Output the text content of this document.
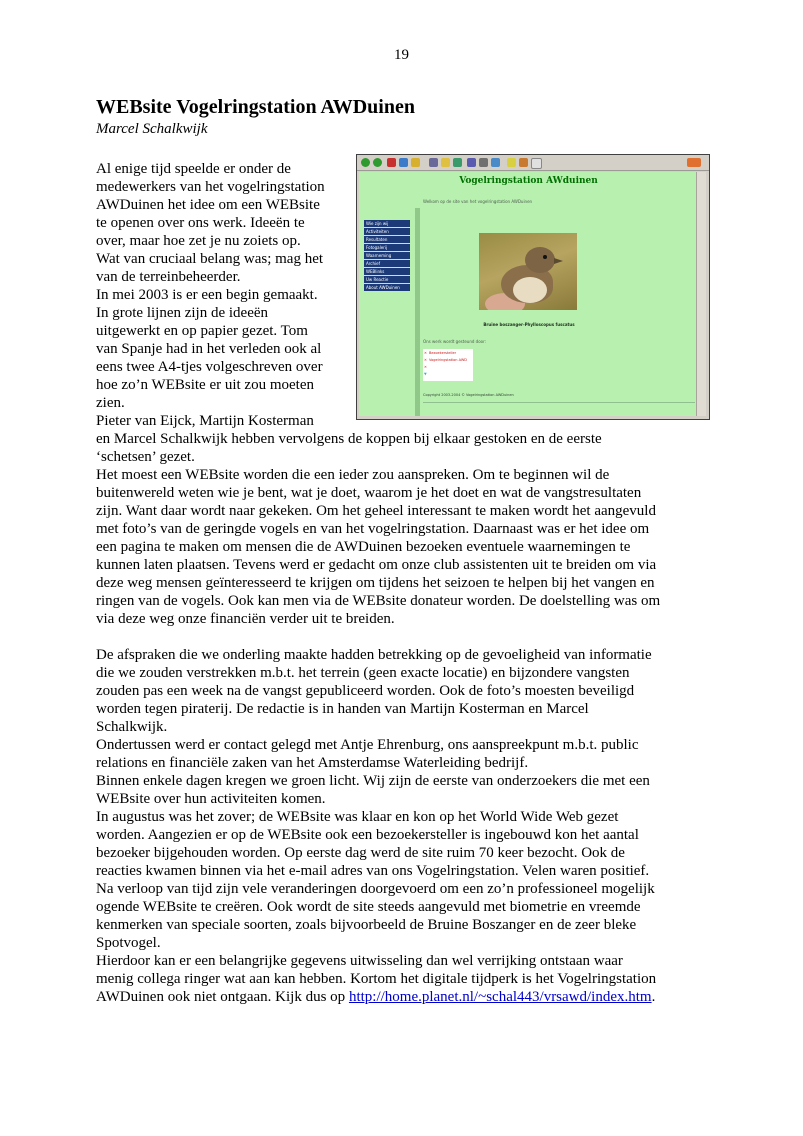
19
WEBsite Vogelringstation AWDuinen
Marcel Schalkwijk
Al enige tijd speelde er onder de
medewerkers van het vogelringstation
AWDuinen het idee om een WEBsite
te openen over ons werk. Ideeën te
over, maar hoe zet je nu zoiets op.
Wat van cruciaal belang was; mag het
van de terreinbeheerder.
In mei 2003 is er een begin gemaakt.
In grote lijnen zijn de ideeën
uitgewerkt en op papier gezet. Tom
van Spanje had in het verleden ook al
eens twee A4-tjes volgeschreven over
hoe zo’n WEBsite er uit zou moeten
zien.
Pieter van Eijck, Martijn Kosterman
en Marcel Schalkwijk hebben vervolgens de koppen bij elkaar gestoken en de eerste
‘schetsen’ gezet.
Het moest een WEBsite worden die een ieder zou aanspreken. Om te beginnen wil de
buitenwereld weten wie je bent, wat je doet, waarom je het doet en wat de vangstresultaten
zijn. Want daar wordt naar gekeken. Om het geheel interessant te maken wordt het aangevuld
met foto’s van de geringde vogels en van het vogelringstation. Daarnaast was er het idee om
een pagina te maken om mensen die de AWDuinen bezoeken eventuele waarnemingen te
kunnen laten plaatsen. Tevens werd er gedacht om onze club assistenten uit te breiden om via
deze weg mensen geïnteresseerd te krijgen om tijdens het seizoen te helpen bij het vangen en
ringen van de vogels. Ook kan men via de WEBsite donateur worden. De doelstelling was om
via deze weg onze financiën verder uit te breiden.
De afspraken die we onderling maakte hadden betrekking op de gevoeligheid van informatie
die we zouden verstrekken m.b.t. het terrein (geen exacte locatie) en bijzondere vangsten
zouden pas een week na de vangst gepubliceerd worden. Ook de foto’s moesten beveiligd
worden tegen piraterij. De redactie is in handen van Martijn Kosterman en Marcel
Schalkwijk.
Ondertussen werd er contact gelegd met Antje Ehrenburg, ons aanspreekpunt m.b.t. public
relations en financiële zaken van het Amsterdamse Waterleiding bedrijf.
Binnen enkele dagen kregen we groen licht. Wij zijn de eerste van onderzoekers die met een
WEBsite over hun activiteiten komen.
In augustus was het zover; de WEBsite was klaar en kon op het World Wide Web gezet
worden. Aangezien er op de WEBsite ook een bezoekersteller is ingebouwd kon het aantal
bezoeker bijgehouden worden. Op eerste dag werd de site ruim 70 keer bezocht. Ook de
reacties kwamen binnen via het e-mail adres van ons Vogelringstation. Velen waren positief.
Na verloop van tijd zijn vele veranderingen doorgevoerd om een zo’n professioneel mogelijk
ogende WEBsite te creëren. Ook wordt de site steeds aangevuld met biometrie en vreemde
kenmerken van speciale soorten, zoals bijvoorbeeld de Bruine Boszanger en de zeer bleke
Spotvogel.
Hierdoor kan er een belangrijke gegevens uitwisseling dan wel verrijking ontstaan waar
menig collega ringer wat aan kan hebben. Kortom het digitale tijdperk is het Vogelringstation
AWDuinen ook niet ontgaan. Kijk dus op http://home.planet.nl/~schal443/vrsawd/index.htm.
Vogelringstation AWduinen
Welkom op de site van het vogelringstation AWDuinen
Wie zijn wij
Activiteiten
Resultaten
Fotogalerij
Waarneming
Archief
WEBlinks
Uw Reactie
About AWDuinen
Bruine boszanger-Phylloscopus fuscatus
Ons werk wordt gesteund door:
✕ Bezoekersteller
✕ Vogelringstation AWD
✕
▼
Copyright 2003-2004 © Vogelringstation AWDuinen
